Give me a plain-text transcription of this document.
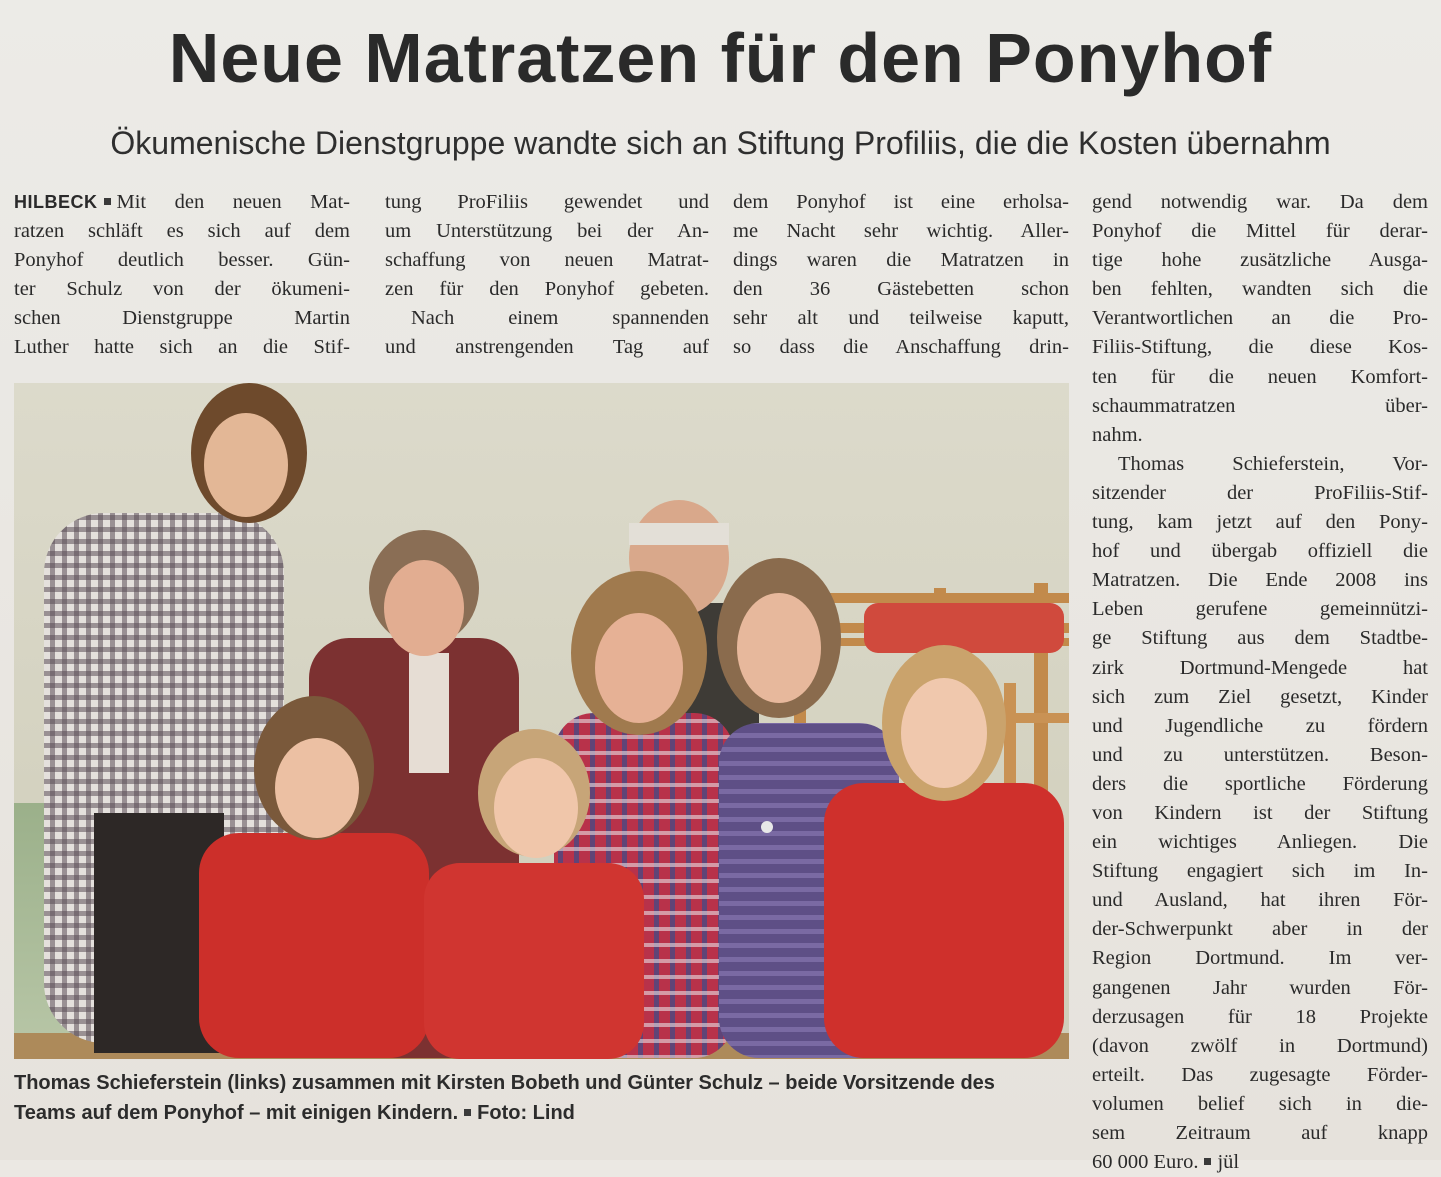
Neue Matratzen für den Ponyhof
Ökumenische Dienstgruppe wandte sich an Stiftung Profiliis, die die Kosten übernahm
HILBECK Mit den neuen Mat-
ratzen schläft es sich auf dem
Ponyhof deutlich besser. Gün-
ter Schulz von der ökumeni-
schen Dienstgruppe Martin
Luther hatte sich an die Stif-
tung ProFiliis gewendet und
um Unterstützung bei der An-
schaffung von neuen Matrat-
zen für den Ponyhof gebeten.
Nach einem spannenden
und anstrengenden Tag auf
dem Ponyhof ist eine erholsa-
me Nacht sehr wichtig. Aller-
dings waren die Matratzen in
den 36 Gästebetten schon
sehr alt und teilweise kaputt,
so dass die Anschaffung drin-
gend notwendig war. Da dem
Ponyhof die Mittel für derar-
tige hohe zusätzliche Ausga-
ben fehlten, wandten sich die
Verantwortlichen an die Pro-
Filiis-Stiftung, die diese Kos-
ten für die neuen Komfort-
schaummatratzen über-
nahm.
Thomas Schieferstein, Vor-
sitzender der ProFiliis-Stif-
tung, kam jetzt auf den Pony-
hof und übergab offiziell die
Matratzen. Die Ende 2008 ins
Leben gerufene gemeinnützi-
ge Stiftung aus dem Stadtbe-
zirk Dortmund-Mengede hat
sich zum Ziel gesetzt, Kinder
und Jugendliche zu fördern
und zu unterstützen. Beson-
ders die sportliche Förderung
von Kindern ist der Stiftung
ein wichtiges Anliegen. Die
Stiftung engagiert sich im In-
und Ausland, hat ihren För-
der-Schwerpunkt aber in der
Region Dortmund. Im ver-
gangenen Jahr wurden För-
derzusagen für 18 Projekte
(davon zwölf in Dortmund)
erteilt. Das zugesagte Förder-
volumen belief sich in die-
sem Zeitraum auf knapp
60 000 Euro. jül
Thomas Schieferstein (links) zusammen mit Kirsten Bobeth und Günter Schulz – beide Vorsitzende des
Teams auf dem Ponyhof – mit einigen Kindern. Foto: Lind
